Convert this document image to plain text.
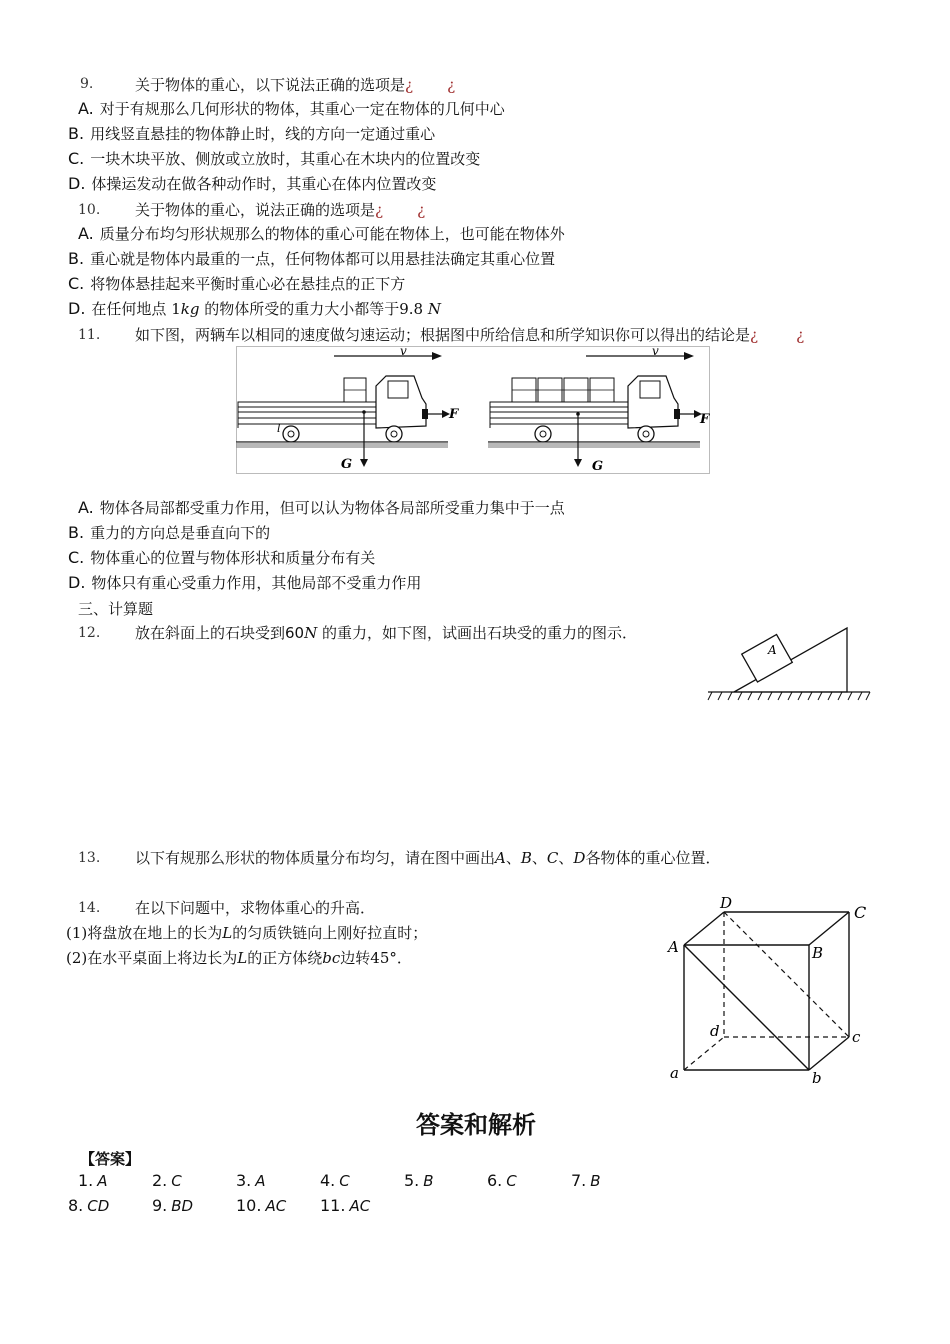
9.	关于物体的重心，以下说法正确的选项是¿ ¿
A. 对于有规那么几何形状的物体，其重心一定在物体的几何中心
B. 用线竖直悬挂的物体静止时，线的方向一定通过重心
C. 一块木块平放、侧放或立放时，其重心在木块内的位置改变
D. 体操运发动在做各种动作时，其重心在体内位置改变
10. 关于物体的重心，说法正确的选项是¿ ¿
A. 质量分布均匀形状规那么的物体的重心可能在物体上，也可能在物体外
B. 重心就是物体内最重的一点，任何物体都可以用悬挂法确定其重心位置
C. 将物体悬挂起来平衡时重心必在悬挂点的正下方
D. 在任何地点 1kg 的物体所受的重力大小都等于9.8 N
11. 如下图，两辆车以相同的速度做匀速运动；根据图中所给信息和所学知识你可以得出的结论是¿	¿
v
l
F
G
v
F
G
A. 物体各局部都受重力作用，但可以认为物体各局部所受重力集中于一点
B. 重力的方向总是垂直向下的
C. 物体重心的位置与物体形状和质量分布有关
D. 物体只有重心受重力作用，其他局部不受重力作用
三、计算题
12. 放在斜面上的石块受到60N 的重力，如下图，试画出石块受的重力的图示．
A
13. 以下有规那么形状的物体质量分布均匀，请在图中画出A、B、C、D各物体的重心位置．
14. 在以下问题中，求物体重心的升高．
(1)将盘放在地上的长为L的匀质铁链向上刚好拉直时；
(2)在水平桌面上将边长为L的正方体绕bc边转45°．
A	B
C
D
a	b
c
d
答案和解析
【答案】
1. A	2. C	3. A	4. C	5. B	6. C	7. B
8. CD	9. BD	10. AC 11. AC
